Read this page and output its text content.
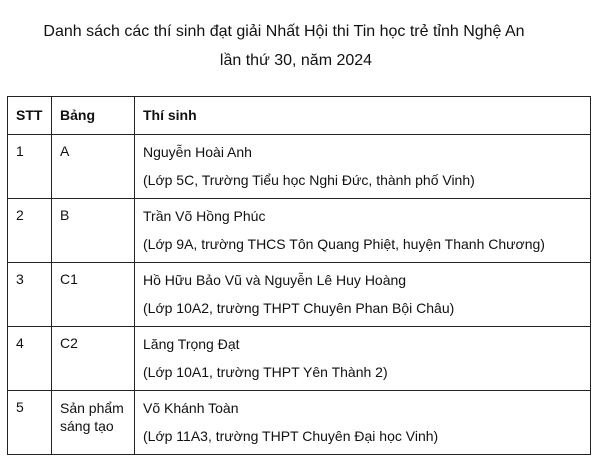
Danh sách các thí sinh đạt giải Nhất Hội thi Tin học trẻ tỉnh Nghệ An
lần thứ 30, năm 2024
STT	Bảng	Thí sinh
1	A	Nguyễn Hoài Anh
(Lớp 5C, Trường Tiểu học Nghi Đức, thành phố Vinh)

2	B	Trần Võ Hồng Phúc
(Lớp 9A, trường THCS Tôn Quang Phiệt, huyện Thanh Chương)

3	C1	Hồ Hữu Bảo Vũ và Nguyễn Lê Huy Hoàng
(Lớp 10A2, trường THPT Chuyên Phan Bội Châu)

4	C2	Lăng Trọng Đạt
(Lớp 10A1, trường THPT Yên Thành 2)

5	Sản phẩm
sáng tạo	Võ Khánh Toàn
(Lớp 11A3, trường THPT Chuyên Đại học Vinh)
